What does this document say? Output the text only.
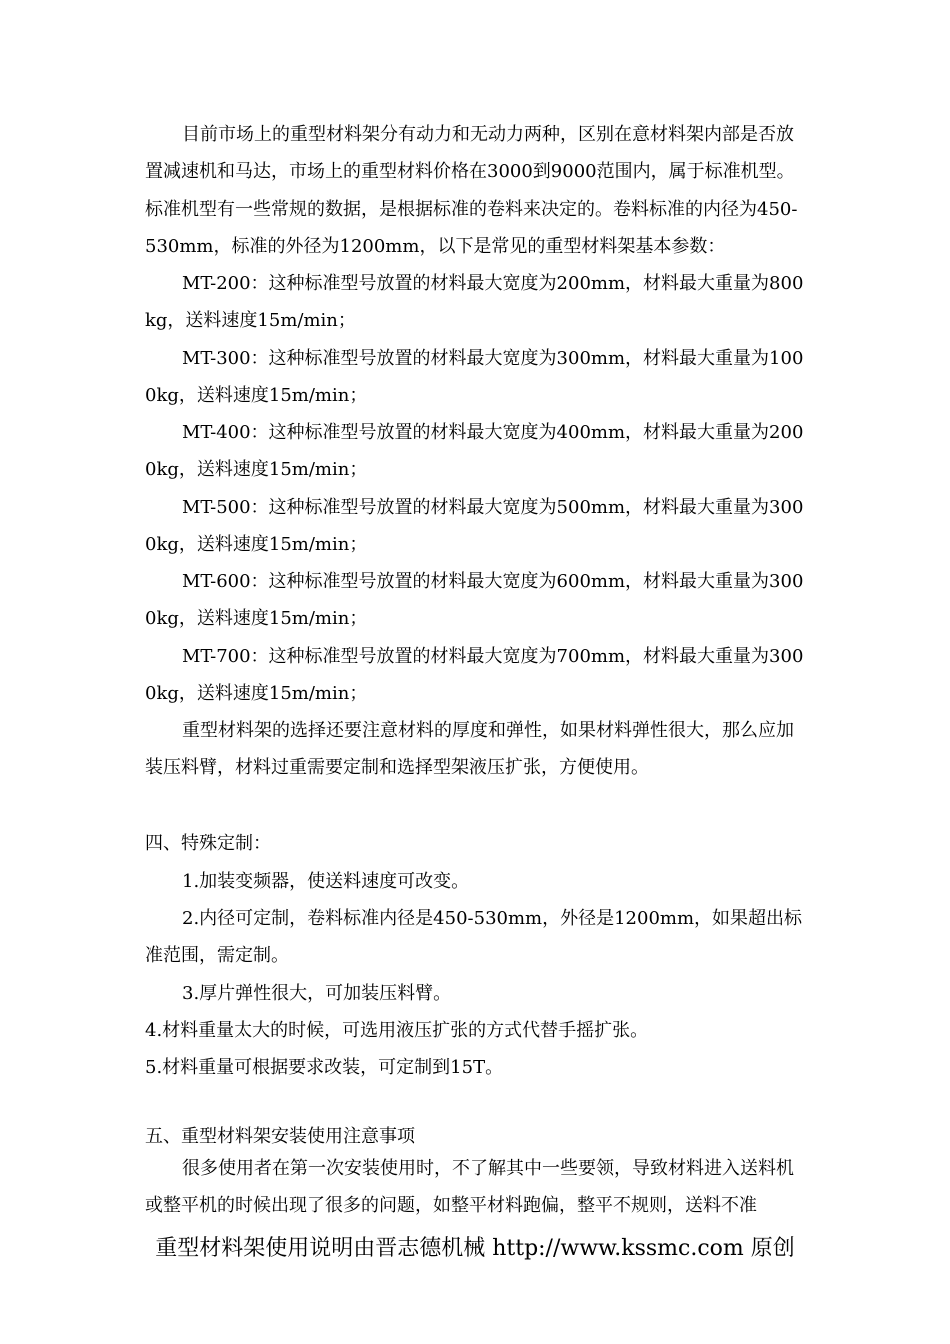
目前市场上的重型材料架分有动力和无动力两种，区别在意材料架内部是否放置减速机和马达，市场上的重型材料价格在3000到9000范围内，属于标准机型。标准机型有一些常规的数据，是根据标准的卷料来决定的。卷料标准的内径为450-530mm，标准的外径为1200mm，以下是常见的重型材料架基本参数：

MT-200：这种标准型号放置的材料最大宽度为200mm，材料最大重量为800kg，送料速度15m/min；

MT-300：这种标准型号放置的材料最大宽度为300mm，材料最大重量为1000kg，送料速度15m/min；

MT-400：这种标准型号放置的材料最大宽度为400mm，材料最大重量为2000kg，送料速度15m/min；

MT-500：这种标准型号放置的材料最大宽度为500mm，材料最大重量为3000kg，送料速度15m/min；

MT-600：这种标准型号放置的材料最大宽度为600mm，材料最大重量为3000kg，送料速度15m/min；

MT-700：这种标准型号放置的材料最大宽度为700mm，材料最大重量为3000kg，送料速度15m/min；

重型材料架的选择还要注意材料的厚度和弹性，如果材料弹性很大，那么应加装压料臂，材料过重需要定制和选择型架液压扩张，方便使用。

四、特殊定制：

1.加装变频器，使送料速度可改变。

2.内径可定制，卷料标准内径是450-530mm，外径是1200mm，如果超出标准范围，需定制。

3.厚片弹性很大，可加装压料臂。

4.材料重量太大的时候，可选用液压扩张的方式代替手摇扩张。

5.材料重量可根据要求改装，可定制到15T。

五、重型材料架安装使用注意事项

很多使用者在第一次安装使用时，不了解其中一些要领，导致材料进入送料机或整平机的时候出现了很多的问题，如整平材料跑偏，整平不规则，送料不准

重型材料架使用说明由晋志德机械 http://www.kssmc.com 原创
